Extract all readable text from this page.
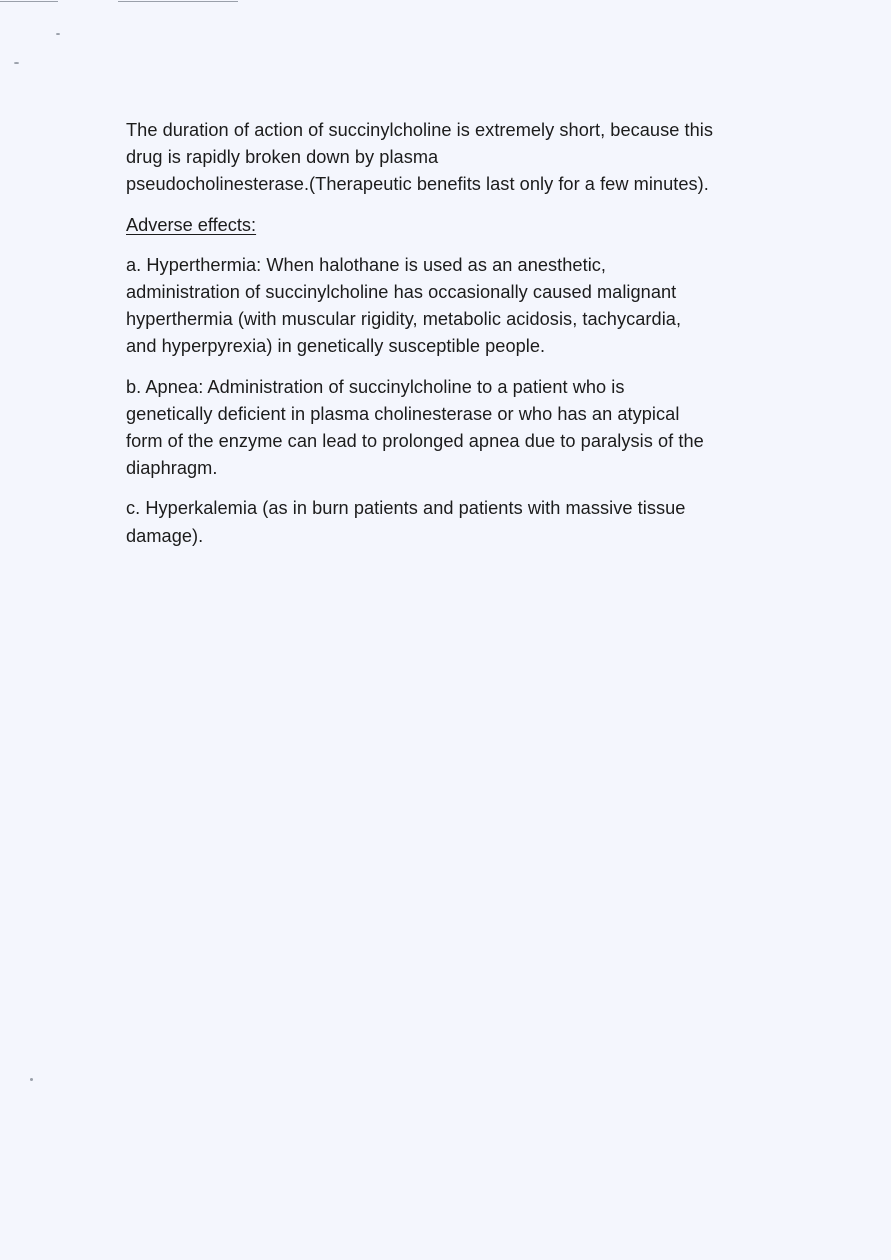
The duration of action of succinylcholine is extremely short, because this
drug is rapidly broken down by plasma
pseudocholinesterase.(Therapeutic benefits last only for a few minutes).

Adverse effects:

a. Hyperthermia: When halothane is used as an anesthetic,
administration of succinylcholine has occasionally caused malignant
hyperthermia (with muscular rigidity, metabolic acidosis, tachycardia,
and hyperpyrexia) in genetically susceptible people.

b. Apnea: Administration of succinylcholine to a patient who is
genetically deficient in plasma cholinesterase or who has an atypical
form of the enzyme can lead to prolonged apnea due to paralysis of the
diaphragm.

c. Hyperkalemia (as in burn patients and patients with massive tissue
damage).
